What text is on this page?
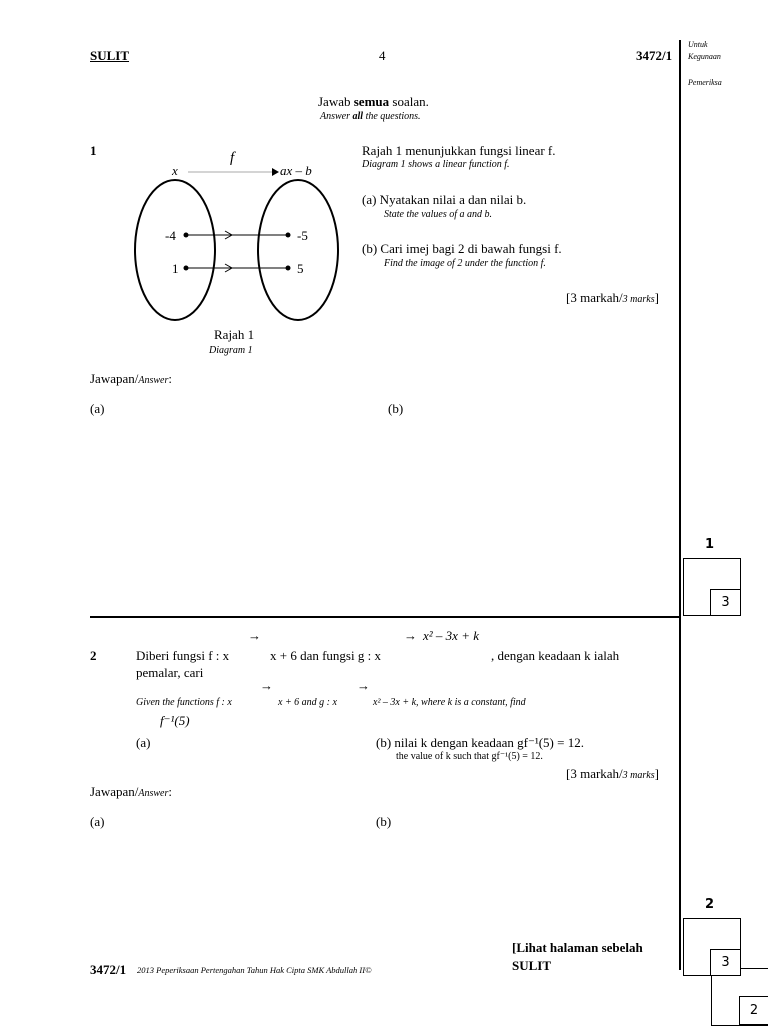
SULIT	4	3472/1
Untuk
Kegunaan
Pemeriksa
Jawab semua soalan.
Answer all the questions.
1
x
f
ax – b
-4
1
-5
5
Rajah 1
Diagram 1
Rajah 1 menunjukkan fungsi linear f.
Diagram 1 shows a linear function f.
(a) Nyatakan nilai a dan nilai b.
State the values of a and b.
(b) Cari imej bagi 2 di bawah fungsi f.
Find the image of 2 under the function f.
[3 markah/3 marks]
Jawapan/Answer:
(a)	(b)
1
3
→	→ x² – 3x + k
2	Diberi fungsi f : x	x + 6 dan fungsi g : x	, dengan keadaan k ialah
pemalar, cari
→	→
Given the functions f : x	x + 6 and g : x	x² – 3x + k, where k is a constant, find
f⁻¹(5)
(a)	(b) nilai k dengan keadaan gf⁻¹(5) = 12.
the value of k such that gf⁻¹(5) = 12.
[3 markah/3 marks]
Jawapan/Answer:
(a)	(b)
2
3
2
[Lihat halaman sebelah
SULIT
3472/1 2013 Peperiksaan Pertengahan Tahun Hak Cipta SMK Abdullah II©
